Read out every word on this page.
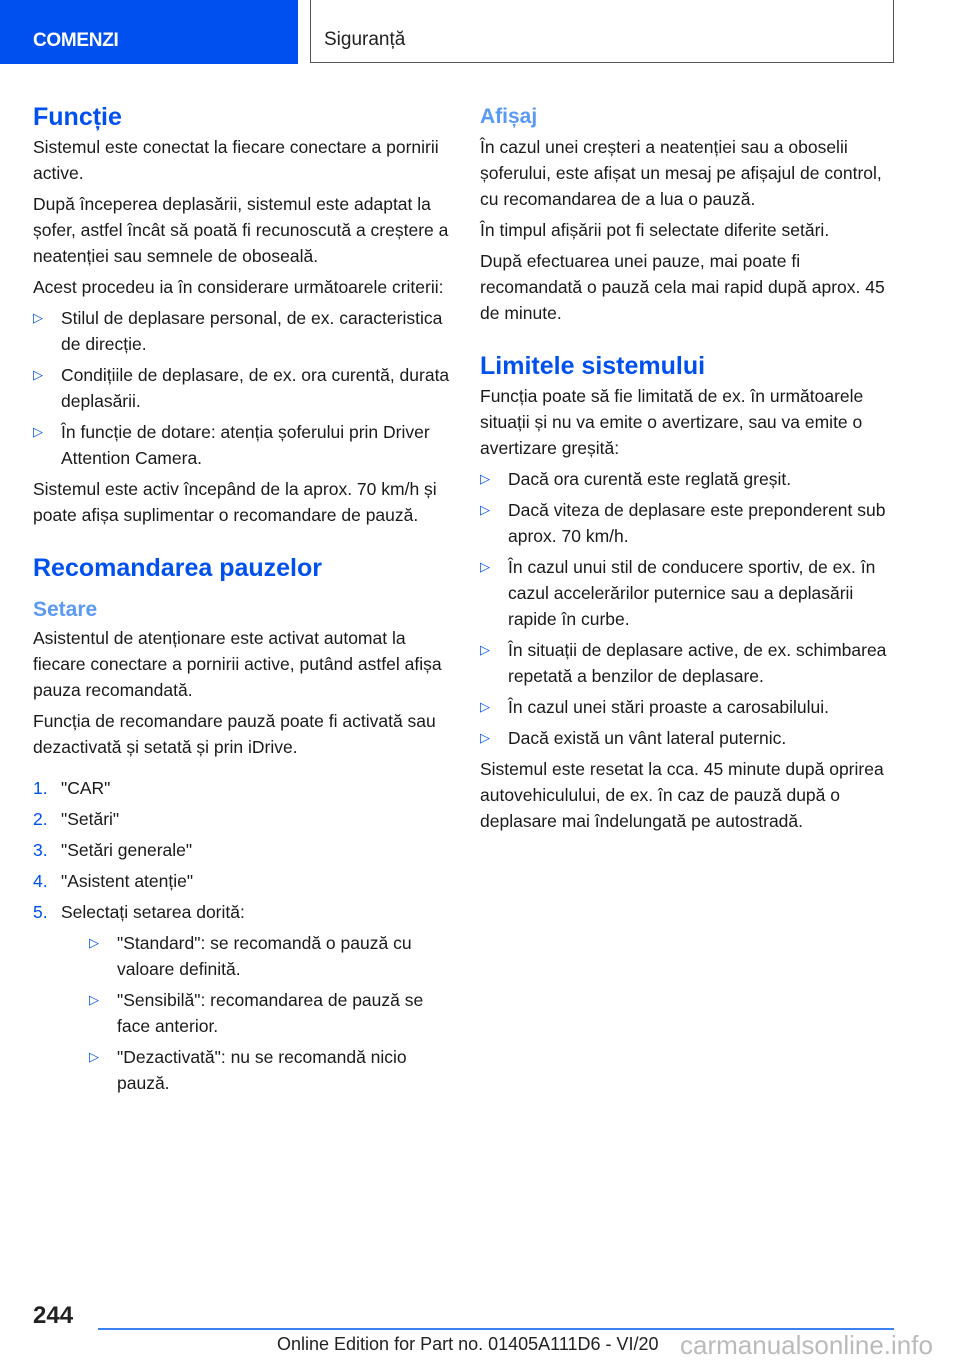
COMENZI	Siguranță
Funcție

Sistemul este conectat la fiecare conectare a pornirii active.

După începerea deplasării, sistemul este adaptat la șofer, astfel încât să poată fi recunoscută a creștere a neatenției sau semnele de oboseală.

Acest procedeu ia în considerare următoarele criterii:

▷ Stilul de deplasare personal, de ex. caracteristica de direcție.
▷ Condițiile de deplasare, de ex. ora curentă, durata deplasării.
▷ În funcție de dotare: atenția șoferului prin Driver Attention Camera.

Sistemul este activ începând de la aprox. 70 km/h și poate afișa suplimentar o recomandare de pauză.

Recomandarea pauzelor
Setare

Asistentul de atenționare este activat automat la fiecare conectare a pornirii active, putând astfel afișa pauza recomandată.

Funcția de recomandare pauză poate fi activată sau dezactivată și setată și prin iDrive.

1. "CAR"
2. "Setări"
3. "Setări generale"
4. "Asistent atenție"
5. Selectați setarea dorită:
▷ "Standard": se recomandă o pauză cu valoare definită.
▷ "Sensibilă": recomandarea de pauză se face anterior.
▷ "Dezactivată": nu se recomandă nicio pauză.
Afișaj

În cazul unei creșteri a neatenției sau a oboselii șoferului, este afișat un mesaj pe afișajul de control, cu recomandarea de a lua o pauză.

În timpul afișării pot fi selectate diferite setări.

După efectuarea unei pauze, mai poate fi recomandată o pauză cela mai rapid după aprox. 45 de minute.

Limitele sistemului

Funcția poate să fie limitată de ex. în următoarele situații și nu va emite o avertizare, sau va emite o avertizare greșită:

▷ Dacă ora curentă este reglată greșit.
▷ Dacă viteza de deplasare este preponderent sub aprox. 70 km/h.
▷ În cazul unui stil de conducere sportiv, de ex. în cazul accelerărilor puternice sau a deplasării rapide în curbe.
▷ În situații de deplasare active, de ex. schimbarea repetată a benzilor de deplasare.
▷ În cazul unei stări proaste a carosabilului.
▷ Dacă există un vânt lateral puternic.

Sistemul este resetat la cca. 45 minute după oprirea autovehiculului, de ex. în caz de pauză după o deplasare mai îndelungată pe autostradă.

244
Online Edition for Part no. 01405A111D6 - VI/20 carmanualsonline.info
